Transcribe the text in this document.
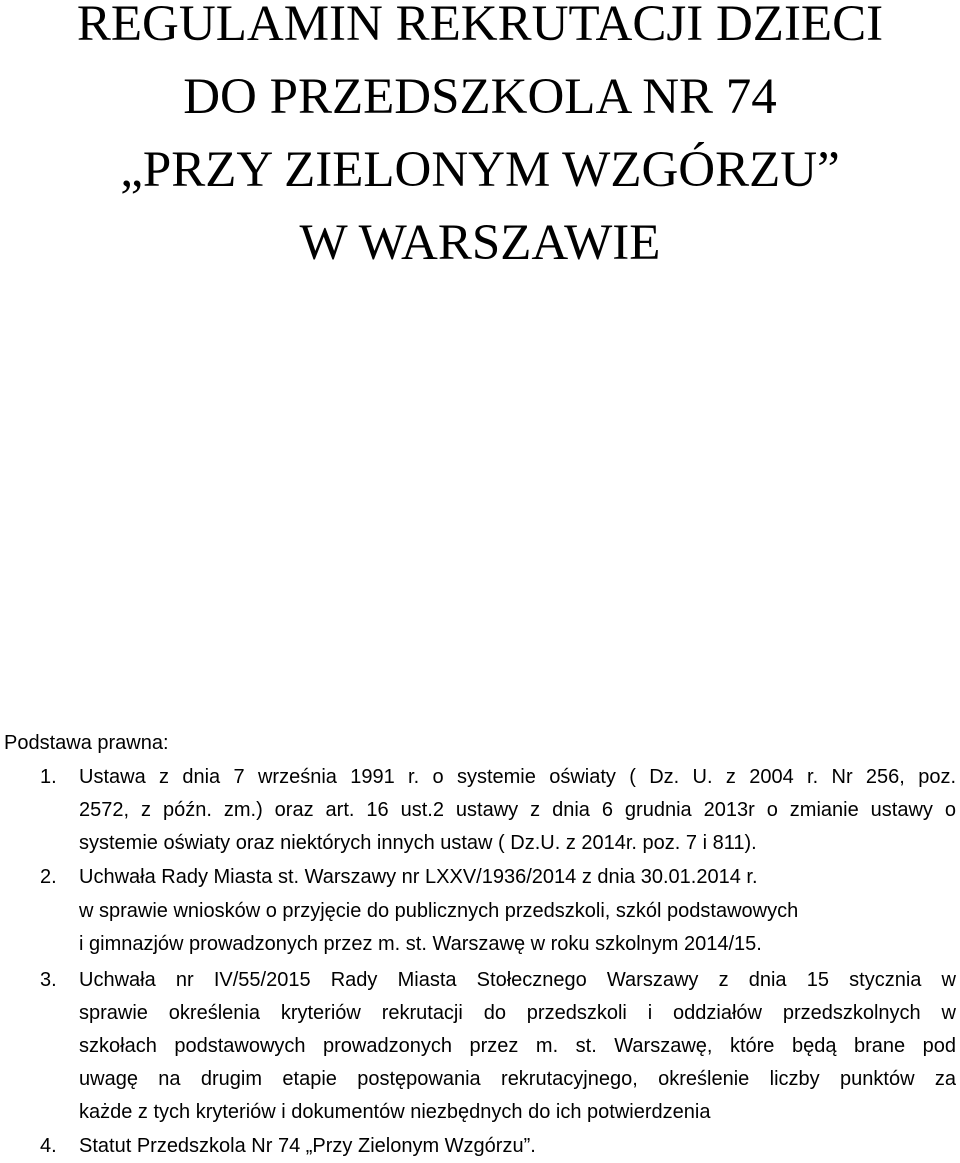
REGULAMIN REKRUTACJI DZIECI
DO PRZEDSZKOLA NR 74
„PRZY ZIELONYM WZGÓRZU”
W WARSZAWIE
Podstawa prawna:
1. Ustawa z dnia 7 września 1991 r. o systemie oświaty ( Dz. U. z 2004 r. Nr 256, poz.
2572, z późn. zm.) oraz art. 16 ust.2 ustawy z dnia 6 grudnia 2013r o zmianie ustawy o
systemie oświaty oraz niektórych innych ustaw ( Dz.U. z 2014r. poz. 7 i 811).
2. Uchwała Rady Miasta st. Warszawy nr LXXV/1936/2014 z dnia 30.01.2014 r.
w sprawie wniosków o przyjęcie do publicznych przedszkoli, szkól podstawowych
i gimnazjów prowadzonych przez m. st. Warszawę w roku szkolnym 2014/15.
3. Uchwała nr IV/55/2015 Rady Miasta Stołecznego Warszawy z dnia 15 stycznia w
sprawie określenia kryteriów rekrutacji do przedszkoli i oddziałów przedszkolnych w
szkołach podstawowych prowadzonych przez m. st. Warszawę, które będą brane pod
uwagę na drugim etapie postępowania rekrutacyjnego, określenie liczby punktów za
każde z tych kryteriów i dokumentów niezbędnych do ich potwierdzenia
4. Statut Przedszkola Nr 74 „Przy Zielonym Wzgórzu”.
